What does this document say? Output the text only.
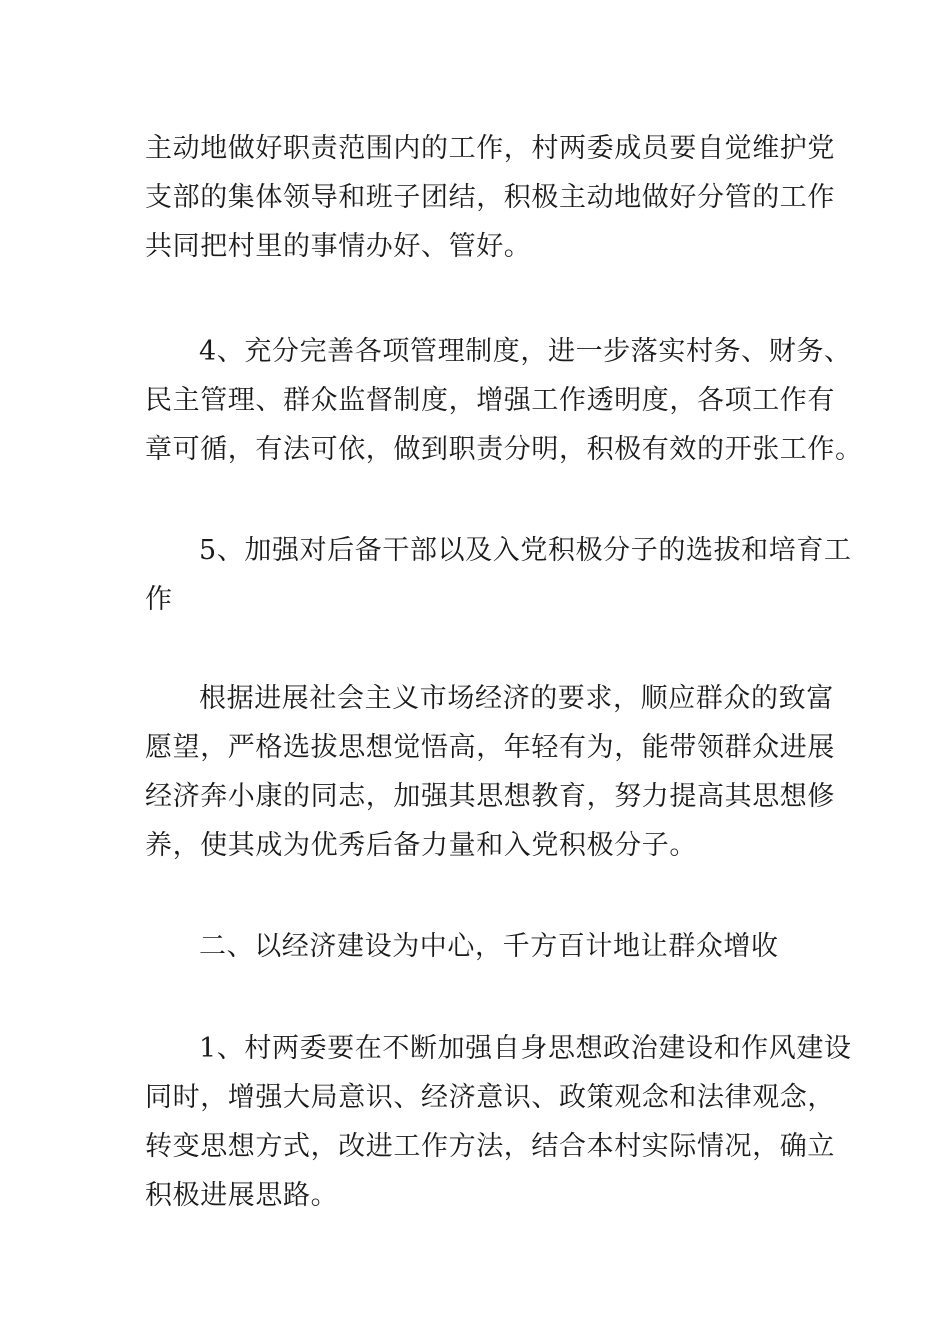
主动地做好职责范围内的工作，村两委成员要自觉维护党
支部的集体领导和班子团结，积极主动地做好分管的工作
共同把村里的事情办好、管好。
4、充分完善各项管理制度，进一步落实村务、财务、
民主管理、群众监督制度，增强工作透明度，各项工作有
章可循，有法可依，做到职责分明，积极有效的开张工作。
5、加强对后备干部以及入党积极分子的选拔和培育工
作
根据进展社会主义市场经济的要求，顺应群众的致富
愿望，严格选拔思想觉悟高，年轻有为，能带领群众进展
经济奔小康的同志，加强其思想教育，努力提高其思想修
养，使其成为优秀后备力量和入党积极分子。
二、以经济建设为中心，千方百计地让群众增收
1、村两委要在不断加强自身思想政治建设和作风建设
同时，增强大局意识、经济意识、政策观念和法律观念，
转变思想方式，改进工作方法，结合本村实际情况，确立
积极进展思路。
